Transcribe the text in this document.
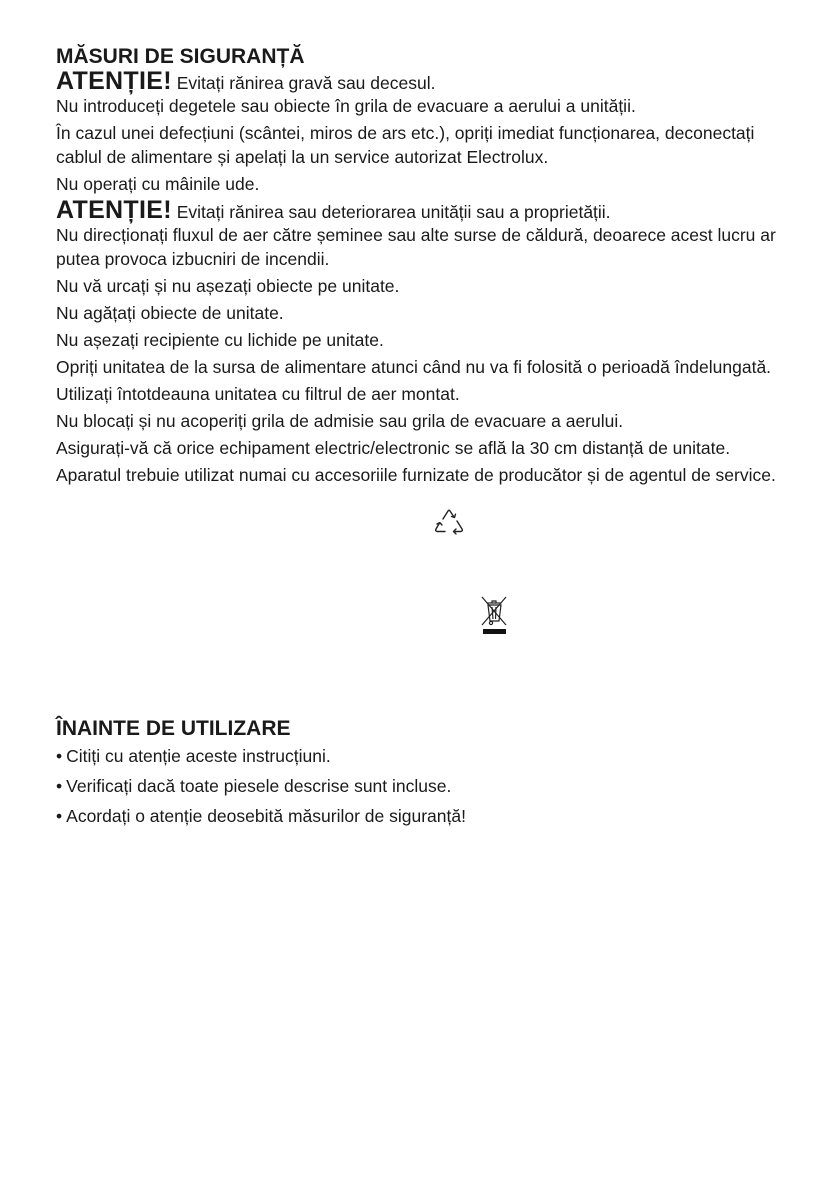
MĂSURI DE SIGURANȚĂ

ATENȚIE! Evitați rănirea gravă sau decesul.

Nu introduceți degetele sau obiecte în grila de evacuare a aerului a unității.

În cazul unei defecțiuni (scântei, miros de ars etc.), opriți imediat funcționarea, deconectați cablul de alimentare și apelați la un service autorizat Electrolux.

Nu operați cu mâinile ude.

ATENȚIE! Evitați rănirea sau deteriorarea unității sau a proprietății.

Nu direcționați fluxul de aer către șeminee sau alte surse de căldură, deoarece acest lucru ar putea provoca izbucniri de incendii.

Nu vă urcați și nu așezați obiecte pe unitate.

Nu agățați obiecte de unitate.

Nu așezați recipiente cu lichide pe unitate.

Opriți unitatea de la sursa de alimentare atunci când nu va fi folosită o perioadă îndelungată.

Utilizați întotdeauna unitatea cu filtrul de aer montat.

Nu blocați și nu acoperiți grila de admisie sau grila de evacuare a aerului.

Asigurați-vă că orice echipament electric/electronic se află la 30 cm distanță de unitate.

Aparatul trebuie utilizat numai cu accesoriile furnizate de producător și de agentul de service.

ÎNAINTE DE UTILIZARE

• Citiți cu atenție aceste instrucțiuni.

• Verificați dacă toate piesele descrise sunt incluse.

• Acordați o atenție deosebită măsurilor de siguranță!
